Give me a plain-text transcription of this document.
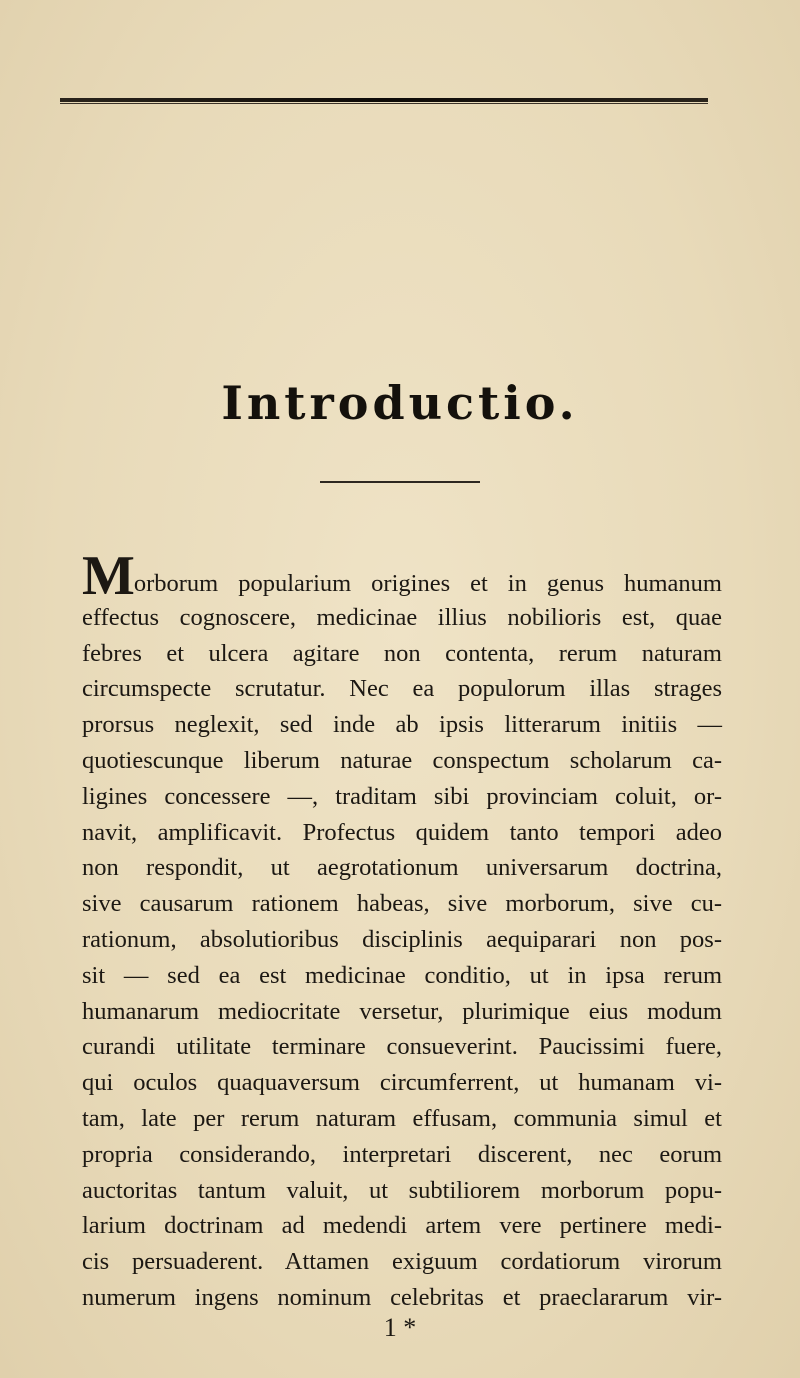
Introductio.
Morborum popularium origines et in genus humanum
effectus cognoscere, medicinae illius nobilioris est, quae
febres et ulcera agitare non contenta, rerum naturam
circumspecte scrutatur. Nec ea populorum illas strages
prorsus neglexit, sed inde ab ipsis litterarum initiis —
quotiescunque liberum naturae conspectum scholarum ca-
ligines concessere —, traditam sibi provinciam coluit, or-
navit, amplificavit. Profectus quidem tanto tempori adeo
non respondit, ut aegrotationum universarum doctrina,
sive causarum rationem habeas, sive morborum, sive cu-
rationum, absolutioribus disciplinis aequiparari non pos-
sit — sed ea est medicinae conditio, ut in ipsa rerum
humanarum mediocritate versetur, plurimique eius modum
curandi utilitate terminare consueverint. Paucissimi fuere,
qui oculos quaquaversum circumferrent, ut humanam vi-
tam, late per rerum naturam effusam, communia simul et
propria considerando, interpretari discerent, nec eorum
auctoritas tantum valuit, ut subtiliorem morborum popu-
larium doctrinam ad medendi artem vere pertinere medi-
cis persuaderent. Attamen exiguum cordatiorum virorum
numerum ingens nominum celebritas et praeclararum vir-
1 *
